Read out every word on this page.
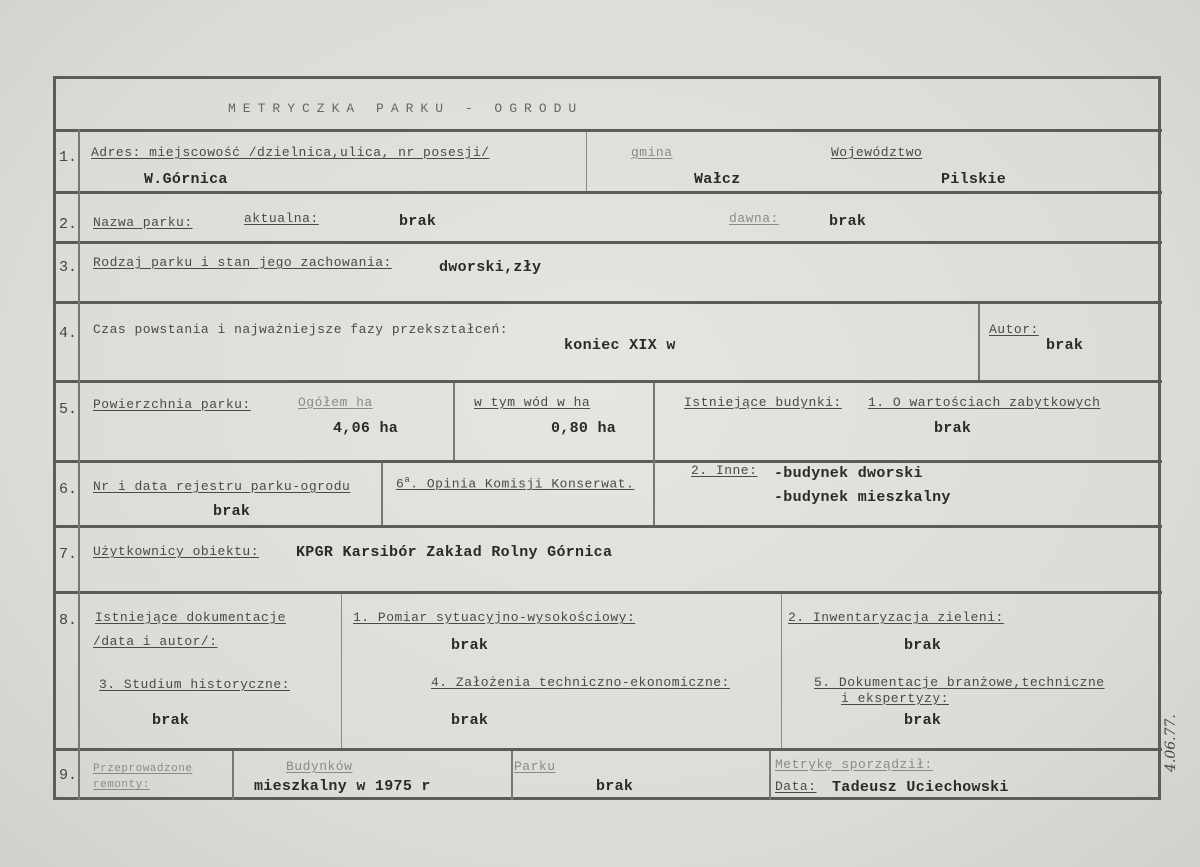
METRYCZKA PARKU - OGRODU
1. Adres: miejscowość /dzielnica,ulica, nr posesji/
W.Górnica
gmina
Wałcz
Województwo
Pilskie
2. Nazwa parku:	aktualna:	brak	dawna:	brak
3. Rodzaj parku i stan jego zachowania:	dworski,zły
4. Czas powstania i najważniejsze fazy przekształceń:
koniec XIX w
Autor:
brak
5. Powierzchnia parku:	Ogółem ha
4,06 ha
w tym wód w ha
0,80 ha
Istniejące budynki: 1. O wartościach zabytkowych
brak
6. Nr i data rejestru parku-ogrodu
brak
6$^a$. Opinia Komisji Konserwat.
2. Inne: -budynek dworski
-budynek mieszkalny
7. Użytkownicy obiektu: KPGR Karsibór Zakład Rolny Górnica
8. Istniejące dokumentacje
/data i autor/:
1. Pomiar sytuacyjno-wysokościowy:
brak
2. Inwentaryzacja zieleni:
brak
3. Studium historyczne:
brak
4. Założenia techniczno-ekonomiczne:
brak
5. Dokumentacje branżowe,techniczne
i ekspertyzy:
brak
9. Przeprowadzone
remonty:
Budynków
mieszkalny w 1975 r
Parku
brak
Metrykę sporządził:
Data: Tadeusz Uciechowski
4.06.77.
